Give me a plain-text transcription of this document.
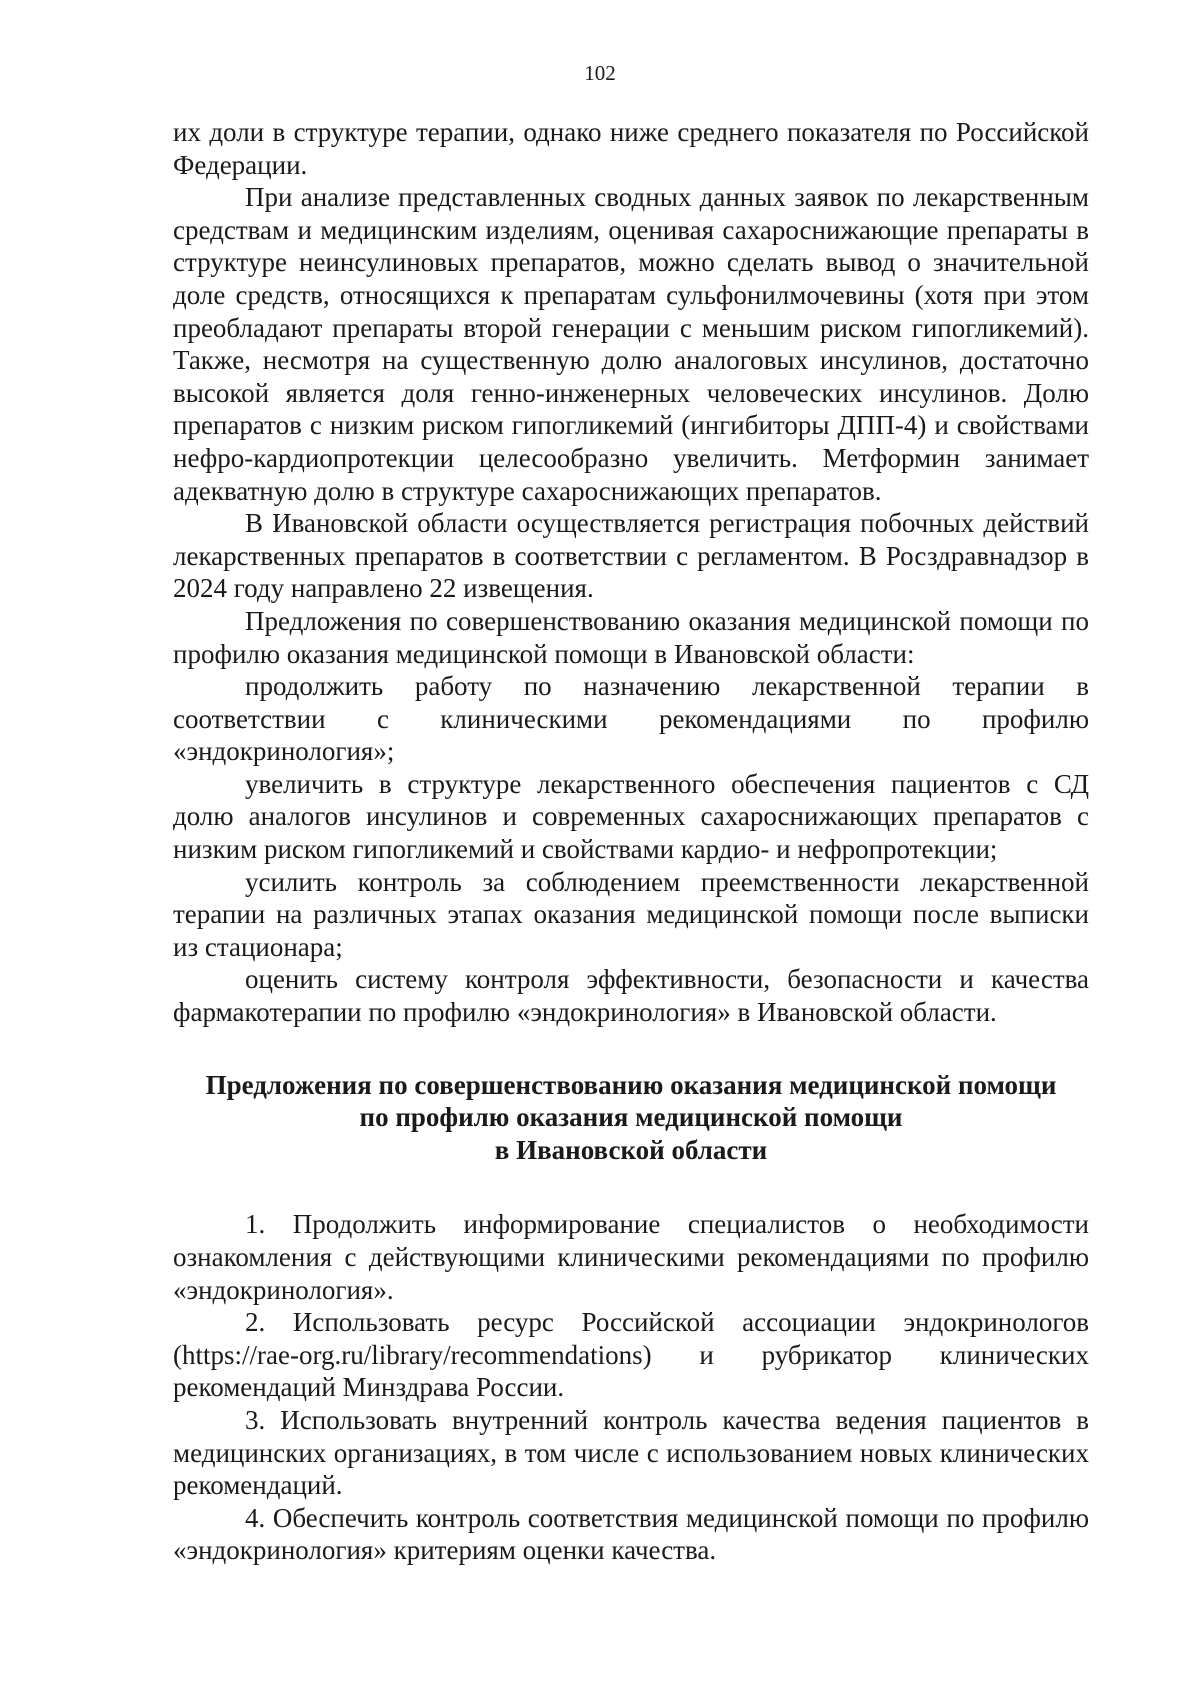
102

их доли в структуре терапии, однако ниже среднего показателя по Российской Федерации.

При анализе представленных сводных данных заявок по лекарственным средствам и медицинским изделиям, оценивая сахароснижающие препараты в структуре неинсулиновых препаратов, можно сделать вывод о значительной доле средств, относящихся к препаратам сульфонилмочевины (хотя при этом преобладают препараты второй генерации с меньшим риском гипогликемий). Также, несмотря на существенную долю аналоговых инсулинов, достаточно высокой является доля генно-инженерных человеческих инсулинов. Долю препаратов с низким риском гипогликемий (ингибиторы ДПП-4) и свойствами нефро-кардиопротекции целесообразно увеличить. Метформин занимает адекватную долю в структуре сахароснижающих препаратов.

В Ивановской области осуществляется регистрация побочных действий лекарственных препаратов в соответствии с регламентом. В Росздравнадзор в 2024 году направлено 22 извещения.

Предложения по совершенствованию оказания медицинской помощи по профилю оказания медицинской помощи в Ивановской области:

продолжить работу по назначению лекарственной терапии в соответствии с клиническими рекомендациями по профилю «эндокринология»;

увеличить в структуре лекарственного обеспечения пациентов с СД долю аналогов инсулинов и современных сахароснижающих препаратов с низким риском гипогликемий и свойствами кардио- и нефропротекции;

усилить контроль за соблюдением преемственности лекарственной терапии на различных этапах оказания медицинской помощи после выписки из стационара;

оценить систему контроля эффективности, безопасности и качества фармакотерапии по профилю «эндокринология» в Ивановской области.

Предложения по совершенствованию оказания медицинской помощи
по профилю оказания медицинской помощи
в Ивановской области

1. Продолжить информирование специалистов о необходимости ознакомления с действующими клиническими рекомендациями по профилю «эндокринология».

2. Использовать ресурс Российской ассоциации эндокринологов (https://rae-org.ru/library/recommendations) и рубрикатор клинических рекомендаций Минздрава России.

3. Использовать внутренний контроль качества ведения пациентов в медицинских организациях, в том числе с использованием новых клинических рекомендаций.

4. Обеспечить контроль соответствия медицинской помощи по профилю «эндокринология» критериям оценки качества.
